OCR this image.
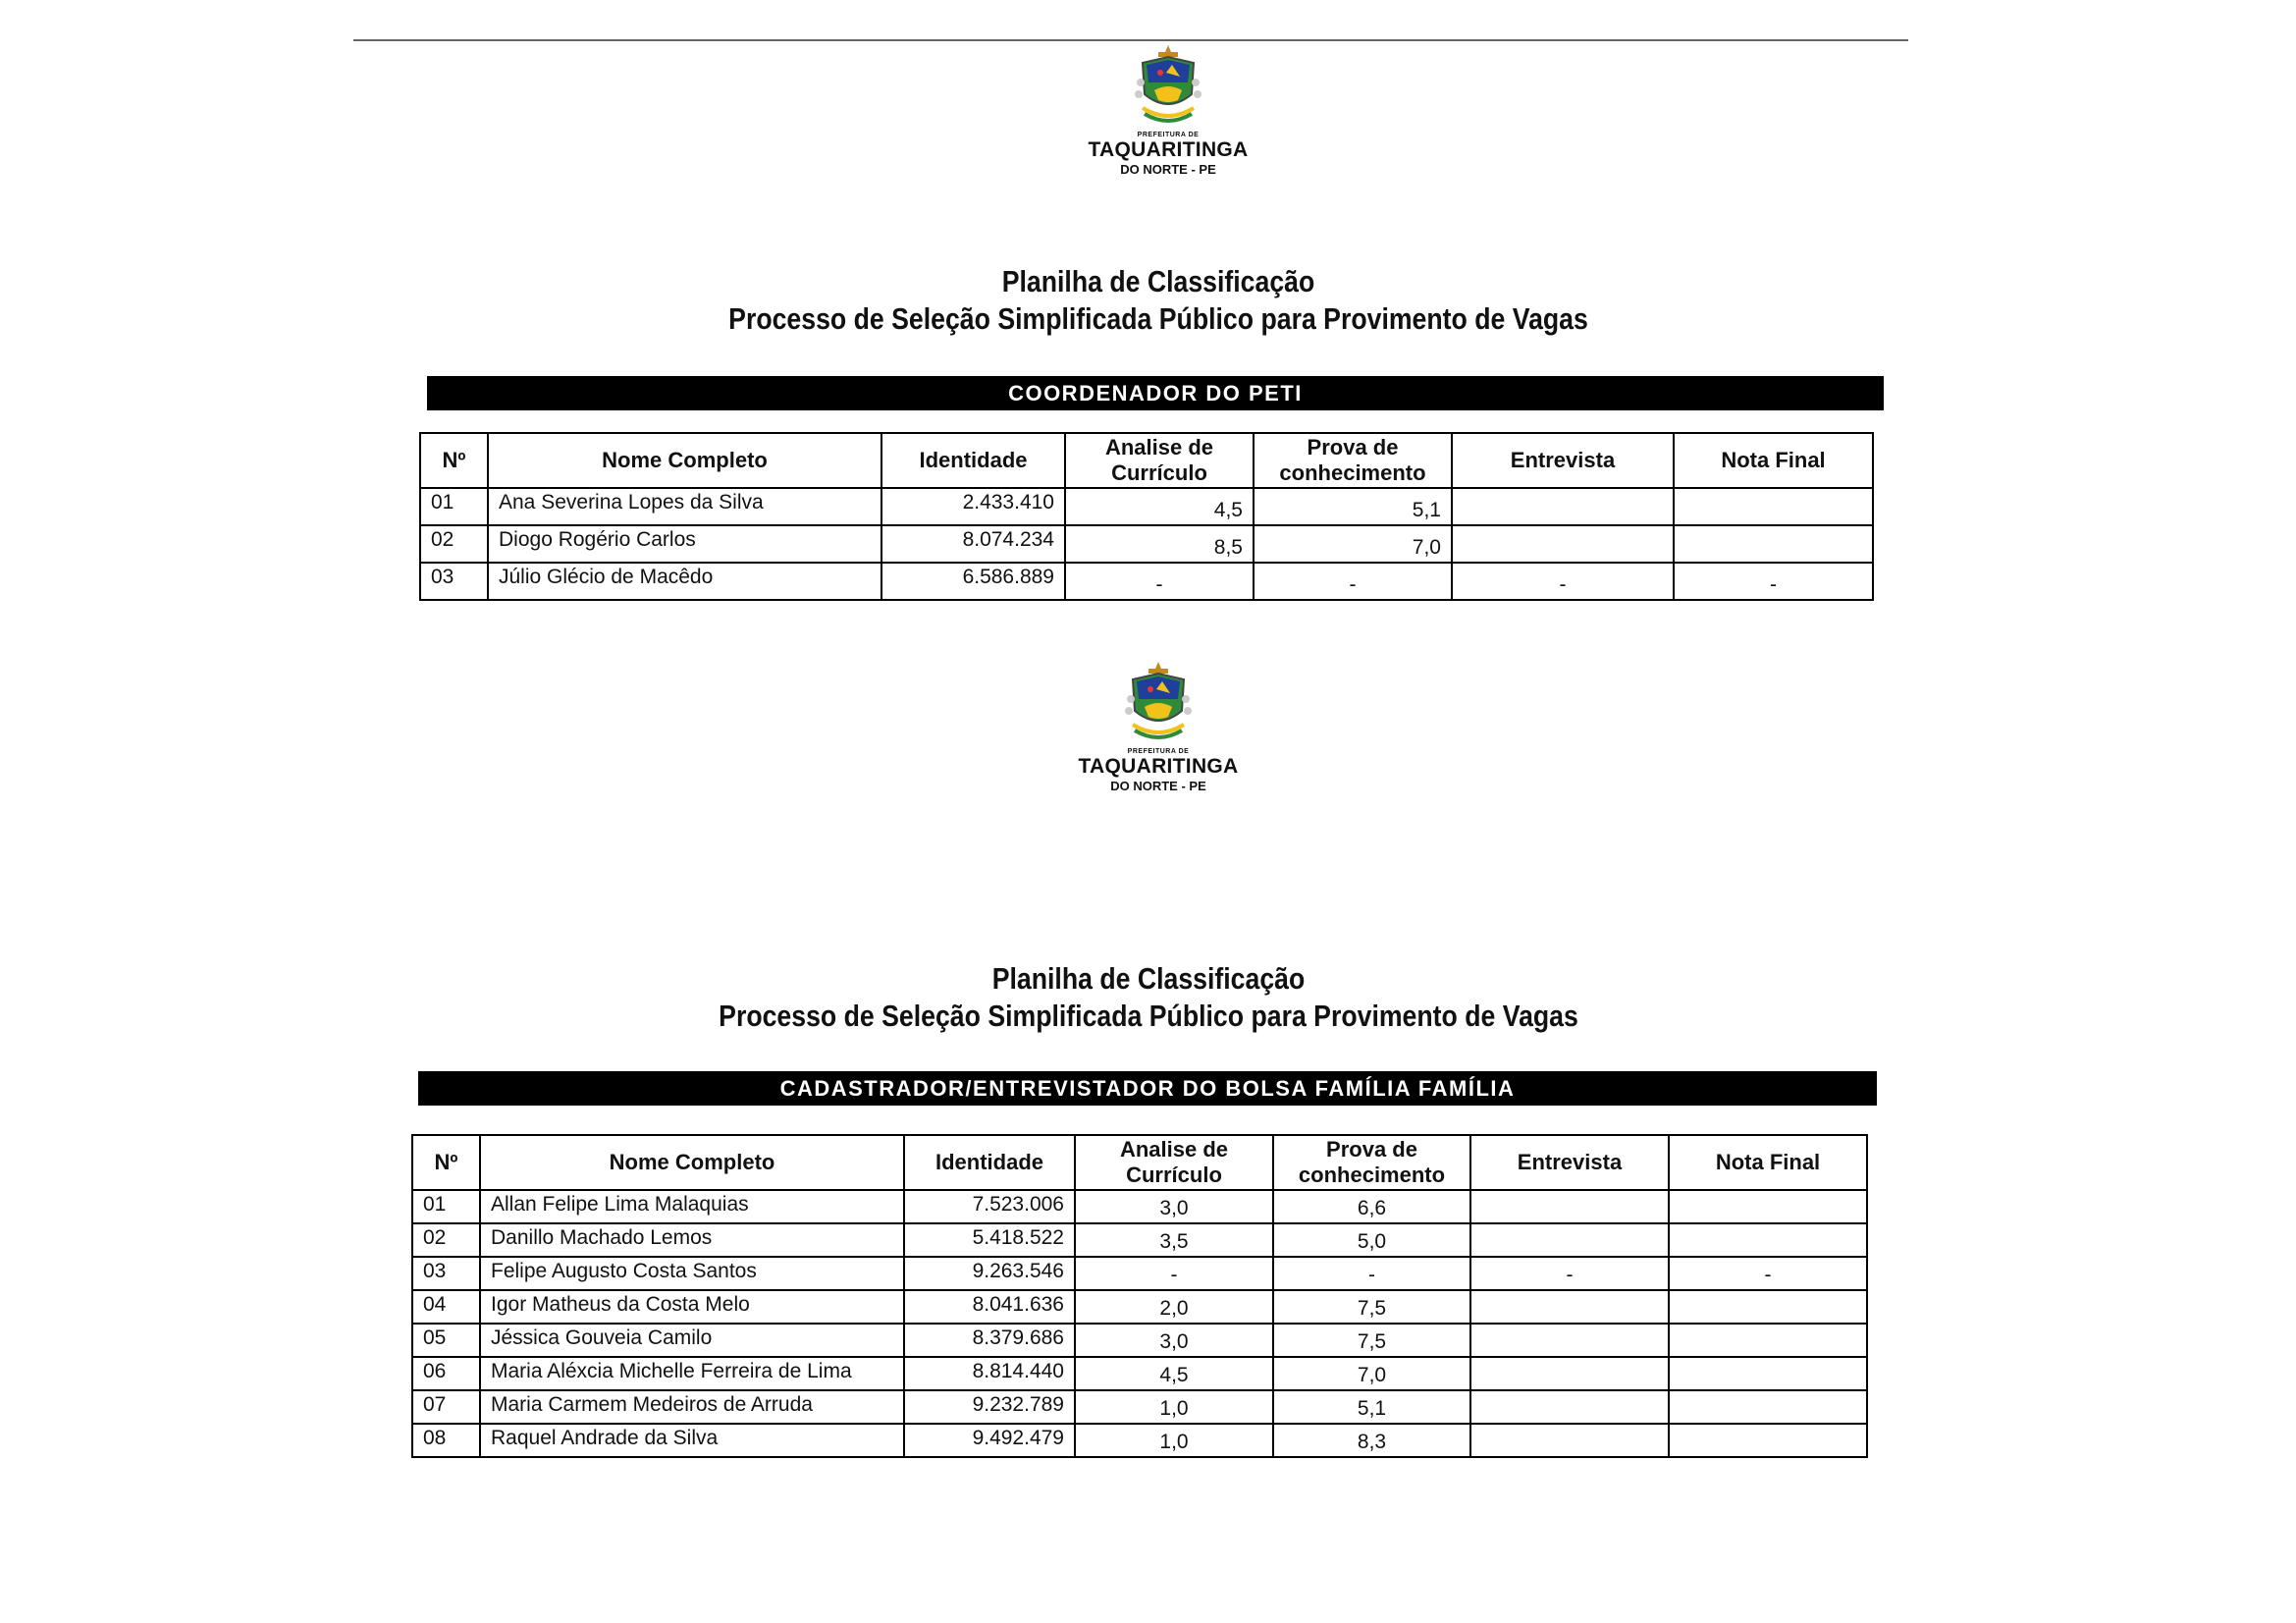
PREFEITURA DE
TAQUARITINGA
DO NORTE - PE
Planilha de Classificação
Processo de Seleção Simplificada Público para Provimento de Vagas
COORDENADOR DO PETI
Nº	Nome Completo	Identidade	Analise de
Currículo	Prova de
conhecimento	Entrevista	Nota Final
01	Ana Severina Lopes da Silva	2.433.410	4,5	5,1		
02	Diogo Rogério Carlos	8.074.234	8,5	7,0		
03	Júlio Glécio de Macêdo	6.586.889	-	-	-	-
PREFEITURA DE
TAQUARITINGA
DO NORTE - PE
Planilha de Classificação
Processo de Seleção Simplificada Público para Provimento de Vagas
CADASTRADOR/ENTREVISTADOR DO BOLSA FAMÍLIA FAMÍLIA
Nº	Nome Completo	Identidade	Analise de
Currículo	Prova de
conhecimento	Entrevista	Nota Final
01	Allan Felipe Lima Malaquias	7.523.006	3,0	6,6		
02	Danillo Machado Lemos	5.418.522	3,5	5,0		
03	Felipe Augusto Costa Santos	9.263.546	-	-	-	-
04	Igor Matheus da Costa Melo	8.041.636	2,0	7,5		
05	Jéssica Gouveia Camilo	8.379.686	3,0	7,5		
06	Maria Aléxcia Michelle Ferreira de Lima	8.814.440	4,5	7,0		
07	Maria Carmem Medeiros de Arruda	9.232.789	1,0	5,1		
08	Raquel Andrade da Silva	9.492.479	1,0	8,3		
